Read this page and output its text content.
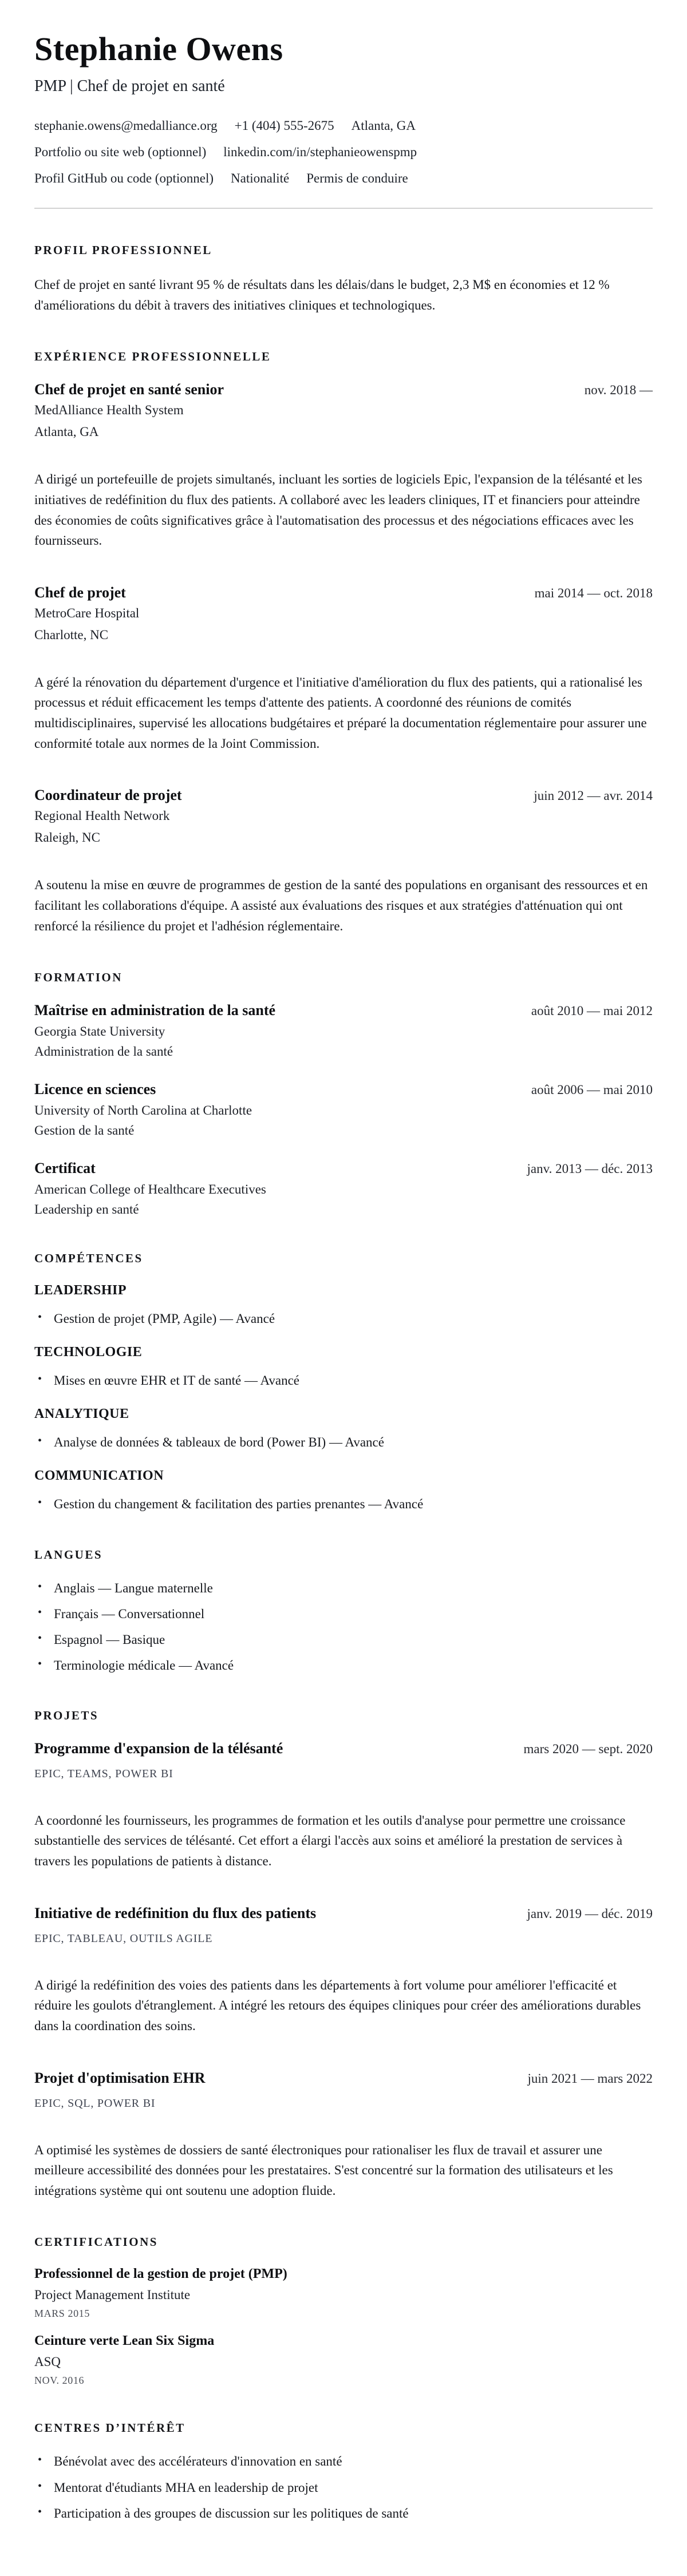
Stephanie Owens
PMP | Chef de projet en santé
stephanie.owens@medalliance.org +1 (404) 555-2675 Atlanta, GA
Portfolio ou site web (optionnel) linkedin.com/in/stephanieowenspmp
Profil GitHub ou code (optionnel) Nationalité Permis de conduire
PROFIL PROFESSIONNEL

Chef de projet en santé livrant 95 % de résultats dans les délais/dans le budget, 2,3 M$ en économies et 12 % d'améliorations du débit à travers des initiatives cliniques et technologiques.

EXPÉRIENCE PROFESSIONNELLE
Chef de projet en santé senior	nov. 2018 —
MedAlliance Health System
Atlanta, GA

A dirigé un portefeuille de projets simultanés, incluant les sorties de logiciels Epic, l'expansion de la télésanté et les initiatives de redéfinition du flux des patients. A collaboré avec les leaders cliniques, IT et financiers pour atteindre des économies de coûts significatives grâce à l'automatisation des processus et des négociations efficaces avec les fournisseurs.

Chef de projet	mai 2014 — oct. 2018
MetroCare Hospital
Charlotte, NC

A géré la rénovation du département d'urgence et l'initiative d'amélioration du flux des patients, qui a rationalisé les processus et réduit efficacement les temps d'attente des patients. A coordonné des réunions de comités multidisciplinaires, supervisé les allocations budgétaires et préparé la documentation réglementaire pour assurer une conformité totale aux normes de la Joint Commission.

Coordinateur de projet	juin 2012 — avr. 2014
Regional Health Network
Raleigh, NC

A soutenu la mise en œuvre de programmes de gestion de la santé des populations en organisant des ressources et en facilitant les collaborations d'équipe. A assisté aux évaluations des risques et aux stratégies d'atténuation qui ont renforcé la résilience du projet et l'adhésion réglementaire.

FORMATION
Maîtrise en administration de la santé	août 2010 — mai 2012
Georgia State University
Administration de la santé
Licence en sciences	août 2006 — mai 2010
University of North Carolina at Charlotte
Gestion de la santé
Certificat	janv. 2013 — déc. 2013
American College of Healthcare Executives
Leadership en santé
COMPÉTENCES
LEADERSHIP
• Gestion de projet (PMP, Agile) — Avancé
TECHNOLOGIE
• Mises en œuvre EHR et IT de santé — Avancé
ANALYTIQUE
• Analyse de données & tableaux de bord (Power BI) — Avancé
COMMUNICATION
• Gestion du changement & facilitation des parties prenantes — Avancé
LANGUES
• Anglais — Langue maternelle
• Français — Conversationnel
• Espagnol — Basique
• Terminologie médicale — Avancé
PROJETS
Programme d'expansion de la télésanté	mars 2020 — sept. 2020
EPIC, TEAMS, POWER BI

A coordonné les fournisseurs, les programmes de formation et les outils d'analyse pour permettre une croissance substantielle des services de télésanté. Cet effort a élargi l'accès aux soins et amélioré la prestation de services à travers les populations de patients à distance.

Initiative de redéfinition du flux des patients	janv. 2019 — déc. 2019
EPIC, TABLEAU, OUTILS AGILE

A dirigé la redéfinition des voies des patients dans les départements à fort volume pour améliorer l'efficacité et réduire les goulots d'étranglement. A intégré les retours des équipes cliniques pour créer des améliorations durables dans la coordination des soins.

Projet d'optimisation EHR	juin 2021 — mars 2022
EPIC, SQL, POWER BI

A optimisé les systèmes de dossiers de santé électroniques pour rationaliser les flux de travail et assurer une meilleure accessibilité des données pour les prestataires. S'est concentré sur la formation des utilisateurs et les intégrations système qui ont soutenu une adoption fluide.

CERTIFICATIONS
Professionnel de la gestion de projet (PMP)
Project Management Institute
MARS 2015
Ceinture verte Lean Six Sigma
ASQ
NOV. 2016
CENTRES D’INTÉRÊT
• Bénévolat avec des accélérateurs d'innovation en santé
• Mentorat d'étudiants MHA en leadership de projet
• Participation à des groupes de discussion sur les politiques de santé
